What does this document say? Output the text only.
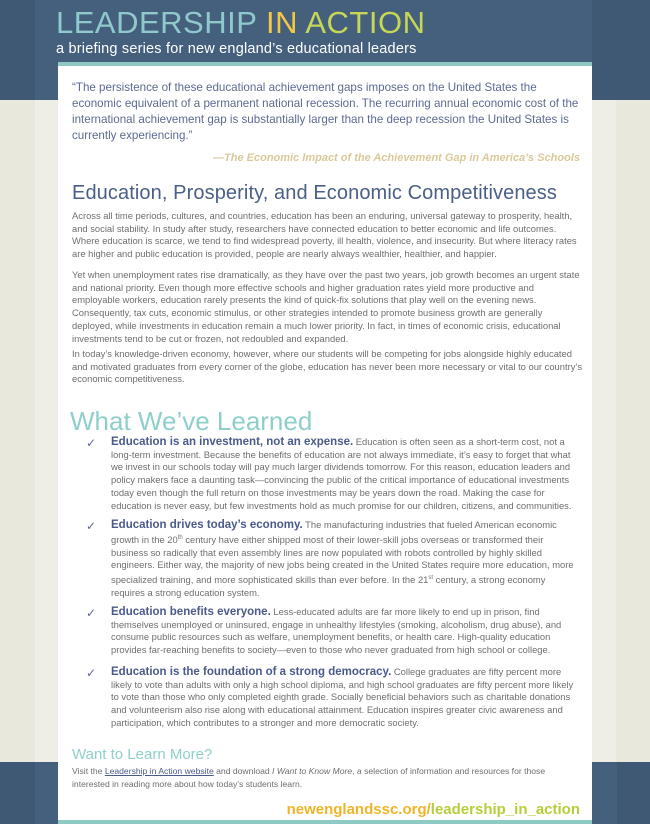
LEADERSHIP IN ACTION
a briefing series for new england’s educational leaders
“The persistence of these educational achievement gaps imposes on the United States the economic equivalent of a permanent national recession. The recurring annual economic cost of the international achievement gap is substantially larger than the deep recession the United States is currently experiencing.”
—The Economic Impact of the Achievement Gap in America’s Schools
Education, Prosperity, and Economic Competitiveness

Across all time periods, cultures, and countries, education has been an enduring, universal gateway to prosperity, health, and social stability. In study after study, researchers have connected education to better economic and life outcomes. Where education is scarce, we tend to find widespread poverty, ill health, violence, and insecurity. But where literacy rates are higher and public education is provided, people are nearly always wealthier, healthier, and happier.

Yet when unemployment rates rise dramatically, as they have over the past two years, job growth becomes an urgent state and national priority. Even though more effective schools and higher graduation rates yield more productive and employable workers, education rarely presents the kind of quick-fix solutions that play well on the evening news. Consequently, tax cuts, economic stimulus, or other strategies intended to promote business growth are generally deployed, while investments in education remain a much lower priority. In fact, in times of economic crisis, educational investments tend to be cut or frozen, not redoubled and expanded.

In today’s knowledge-driven economy, however, where our students will be competing for jobs alongside highly educated and motivated graduates from every corner of the globe, education has never been more necessary or vital to our country’s economic competitiveness.

What We’ve Learned
✓	Education is an investment, not an expense. Education is often seen as a short-term cost, not a long-term investment. Because the benefits of education are not always immediate, it’s easy to forget that what we invest in our schools today will pay much larger dividends tomorrow. For this reason, education leaders and policy makers face a daunting task—convincing the public of the critical importance of educational investments today even though the full return on those investments may be years down the road. Making the case for education is never easy, but few investments hold as much promise for our children, citizens, and communities.
✓	Education drives today’s economy. The manufacturing industries that fueled American economic growth in the 20th century have either shipped most of their lower-skill jobs overseas or transformed their business so radically that even assembly lines are now populated with robots controlled by highly skilled engineers. Either way, the majority of new jobs being created in the United States require more education, more specialized training, and more sophisticated skills than ever before. In the 21st century, a strong economy requires a strong education system.
✓	Education benefits everyone. Less-educated adults are far more likely to end up in prison, find themselves unemployed or uninsured, engage in unhealthy lifestyles (smoking, alcoholism, drug abuse), and consume public resources such as welfare, unemployment benefits, or health care. High-quality education provides far-reaching benefits to society—even to those who never graduated from high school or college.
✓	Education is the foundation of a strong democracy. College graduates are fifty percent more likely to vote than adults with only a high school diploma, and high school graduates are fifty percent more likely to vote than those who only completed eighth grade. Socially beneficial behaviors such as charitable donations and volunteerism also rise along with educational attainment. Education inspires greater civic awareness and participation, which contributes to a stronger and more democratic society.
Want to Learn More?

Visit the Leadership in Action website and download I Want to Know More, a selection of information and resources for those interested in reading more about how today’s students learn.

newenglandssc.org/leadership_in_action
